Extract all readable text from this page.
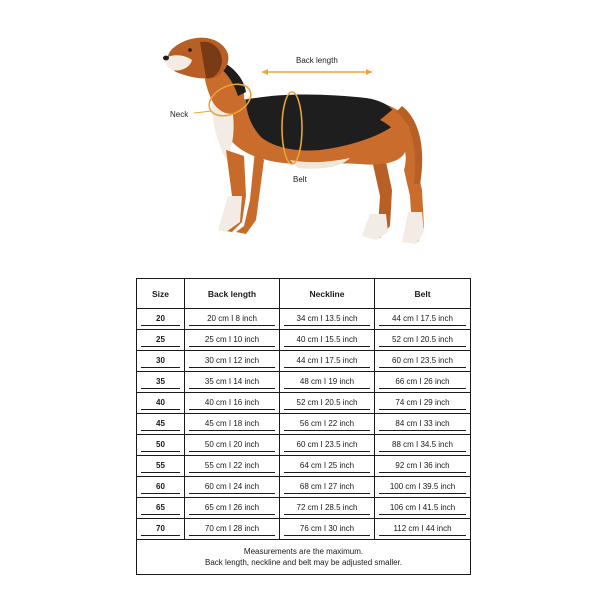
Neck
Back length
Belt
Size	Back length	Neckline	Belt

20	20 cm I 8 inch	34 cm I 13.5 inch	44 cm I 17.5 inch

25	25 cm I 10 inch	40 cm I 15.5 inch	52 cm I 20.5 inch

30	30 cm I 12 inch	44 cm I 17.5 inch	60 cm I 23.5 inch

35	35 cm I 14 inch	48 cm I 19 inch	66 cm I 26 inch

40	40 cm I 16 inch	52 cm I 20.5 inch	74 cm I 29 inch

45	45 cm I 18 inch	56 cm I 22 inch	84 cm I 33 inch

50	50 cm I 20 inch	60 cm I 23.5 inch	88 cm I 34.5 inch

55	55 cm I 22 inch	64 cm I 25 inch	92 cm I 36 inch

60	60 cm I 24 inch	68 cm I 27 inch	100 cm I 39.5 inch

65	65 cm I 26 inch	72 cm I 28.5 inch	106 cm I 41.5 inch

70	70 cm I 28 inch	76 cm I 30 inch	112 cm I 44 inch

Measurements are the maximum.
Back length, neckline and belt may be adjusted smaller.			
